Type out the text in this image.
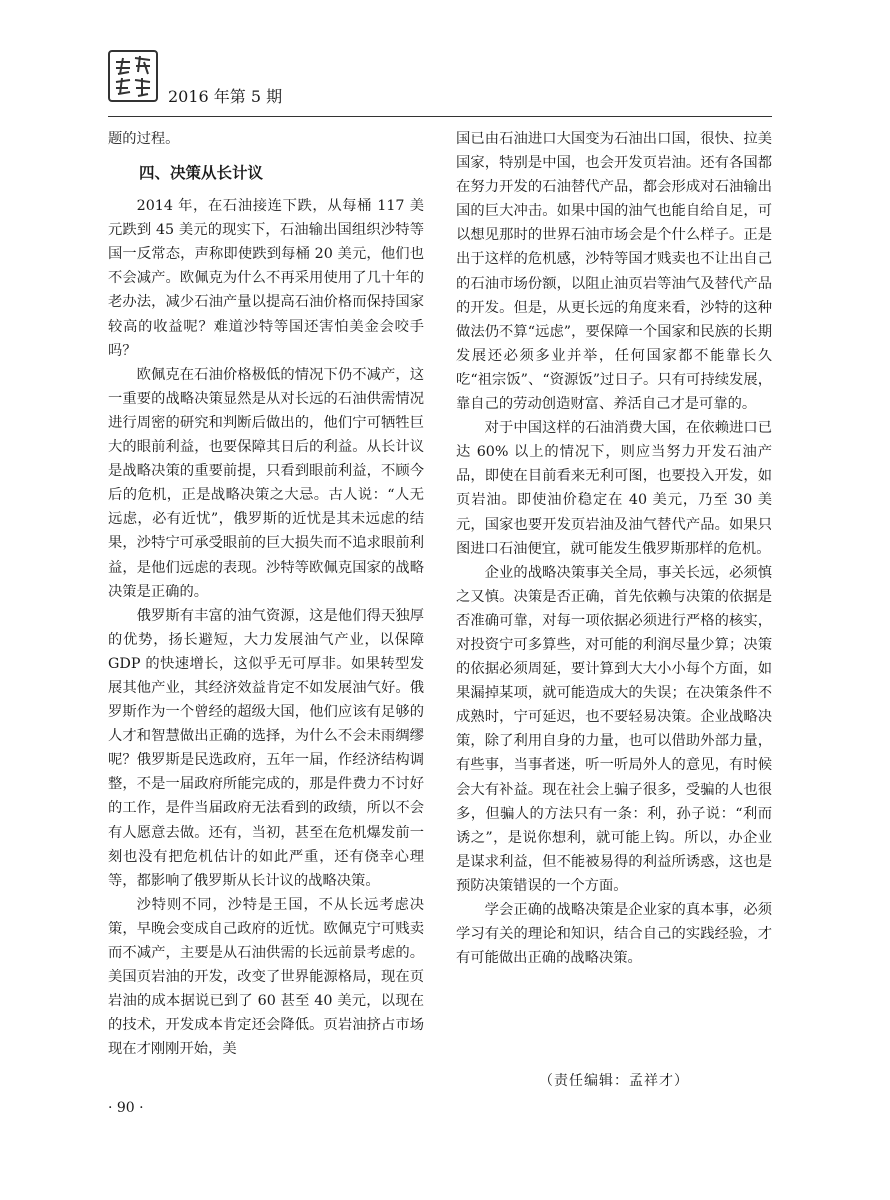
2016 年第 5 期

题的过程。

四、决策从长计议

2014 年，在石油接连下跌，从每桶 117 美元跌到 45 美元的现实下，石油输出国组织沙特等国一反常态，声称即使跌到每桶 20 美元，他们也不会减产。欧佩克为什么不再采用使用了几十年的老办法，减少石油产量以提高石油价格而保持国家较高的收益呢？难道沙特等国还害怕美金会咬手吗？

欧佩克在石油价格极低的情况下仍不减产，这一重要的战略决策显然是从对长远的石油供需情况进行周密的研究和判断后做出的，他们宁可牺牲巨大的眼前利益，也要保障其日后的利益。从长计议是战略决策的重要前提，只看到眼前利益，不顾今后的危机，正是战略决策之大忌。古人说：“人无远虑，必有近忧”，俄罗斯的近忧是其未远虑的结果，沙特宁可承受眼前的巨大损失而不追求眼前利益，是他们远虑的表现。沙特等欧佩克国家的战略决策是正确的。

俄罗斯有丰富的油气资源，这是他们得天独厚的优势，扬长避短，大力发展油气产业，以保障 GDP 的快速增长，这似乎无可厚非。如果转型发展其他产业，其经济效益肯定不如发展油气好。俄罗斯作为一个曾经的超级大国，他们应该有足够的人才和智慧做出正确的选择，为什么不会未雨绸缪呢？俄罗斯是民选政府，五年一届，作经济结构调整，不是一届政府所能完成的，那是件费力不讨好的工作，是件当届政府无法看到的政绩，所以不会有人愿意去做。还有，当初，甚至在危机爆发前一刻也没有把危机估计的如此严重，还有侥幸心理等，都影响了俄罗斯从长计议的战略决策。

沙特则不同，沙特是王国，不从长远考虑决策，早晚会变成自己政府的近忧。欧佩克宁可贱卖而不减产，主要是从石油供需的长远前景考虑的。美国页岩油的开发，改变了世界能源格局，现在页岩油的成本据说已到了 60 甚至 40 美元，以现在的技术，开发成本肯定还会降低。页岩油挤占市场现在才刚刚开始，美

国已由石油进口大国变为石油出口国，很快、拉美国家，特别是中国，也会开发页岩油。还有各国都在努力开发的石油替代产品，都会形成对石油输出国的巨大冲击。如果中国的油气也能自给自足，可以想见那时的世界石油市场会是个什么样子。正是出于这样的危机感，沙特等国才贱卖也不让出自己的石油市场份额，以阻止油页岩等油气及替代产品的开发。但是，从更长远的角度来看，沙特的这种做法仍不算“远虑”，要保障一个国家和民族的长期发展还必须多业并举，任何国家都不能靠长久吃“祖宗饭”、“资源饭”过日子。只有可持续发展，靠自己的劳动创造财富、养活自己才是可靠的。

对于中国这样的石油消费大国，在依赖进口已达 60% 以上的情况下，则应当努力开发石油产品，即使在目前看来无利可图，也要投入开发，如页岩油。即使油价稳定在 40 美元，乃至 30 美元，国家也要开发页岩油及油气替代产品。如果只图进口石油便宜，就可能发生俄罗斯那样的危机。

企业的战略决策事关全局，事关长远，必须慎之又慎。决策是否正确，首先依赖与决策的依据是否准确可靠，对每一项依据必须进行严格的核实，对投资宁可多算些，对可能的利润尽量少算；决策的依据必须周延，要计算到大大小小每个方面，如果漏掉某项，就可能造成大的失误；在决策条件不成熟时，宁可延迟，也不要轻易决策。企业战略决策，除了利用自身的力量，也可以借助外部力量，有些事，当事者迷，听一听局外人的意见，有时候会大有补益。现在社会上骗子很多，受骗的人也很多，但骗人的方法只有一条：利，孙子说：“利而诱之”，是说你想利，就可能上钩。所以，办企业是谋求利益，但不能被易得的利益所诱惑，这也是预防决策错误的一个方面。

学会正确的战略决策是企业家的真本事，必须学习有关的理论和知识，结合自己的实践经验，才有可能做出正确的战略决策。

（责任编辑：孟祥才）
· 90 ·
